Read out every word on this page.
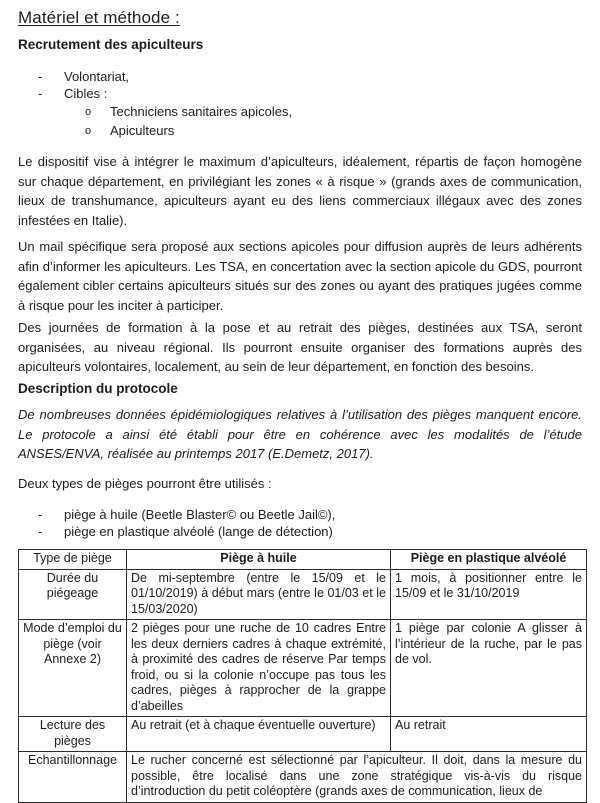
Matériel et méthode :
Recrutement des apiculteurs
- Volontariat,
- Cibles :
o Techniciens sanitaires apicoles,
o Apiculteurs
Le dispositif vise à intégrer le maximum d’apiculteurs, idéalement, répartis de façon homogène sur chaque département, en privilégiant les zones « à risque » (grands axes de communication, lieux de transhumance, apiculteurs ayant eu des liens commerciaux illégaux avec des zones infestées en Italie).
Un mail spécifique sera proposé aux sections apicoles pour diffusion auprès de leurs adhérents afin d’informer les apiculteurs. Les TSA, en concertation avec la section apicole du GDS, pourront également cibler certains apiculteurs situés sur des zones ou ayant des pratiques jugées comme à risque pour les inciter à participer.
Des journées de formation à la pose et au retrait des pièges, destinées aux TSA, seront organisées, au niveau régional. Ils pourront ensuite organiser des formations auprès des apiculteurs volontaires, localement, au sein de leur département, en fonction des besoins.
Description du protocole
De nombreuses données épidémiologiques relatives à l’utilisation des pièges manquent encore. Le protocole a ainsi été établi pour être en cohérence avec les modalités de l’étude ANSES/ENVA, réalisée au printemps 2017 (E.Demetz, 2017).
Deux types de pièges pourront être utilisés :
- piège à huile (Beetle Blaster© ou Beetle Jail©),
- piège en plastique alvéolé (lange de détection)
Type de piège	Piège à huile	Piège en plastique alvéolé
Durée du piégeage	De mi-septembre (entre le 15/09 et le 01/10/2019) à début mars (entre le 01/03 et le 15/03/2020)	1 mois, à positionner entre le 15/09 et le 31/10/2019
Mode d’emploi du piège (voir Annexe 2)	2 pièges pour une ruche de 10 cadres Entre les deux derniers cadres à chaque extrémité, à proximité des cadres de réserve Par temps froid, ou si la colonie n’occupe pas tous les cadres, pièges à rapprocher de la grappe d’abeilles	1 piège par colonie A glisser à l’intérieur de la ruche, par le pas de vol.
Lecture des pièges	Au retrait (et à chaque éventuelle ouverture)	Au retrait
Echantillonnage	Le rucher concerné est sélectionné par l’apiculteur. Il doit, dans la mesure du possible, être localisé dans une zone stratégique vis-à-vis du risque d’introduction du petit coléoptère (grands axes de communication, lieux de	
